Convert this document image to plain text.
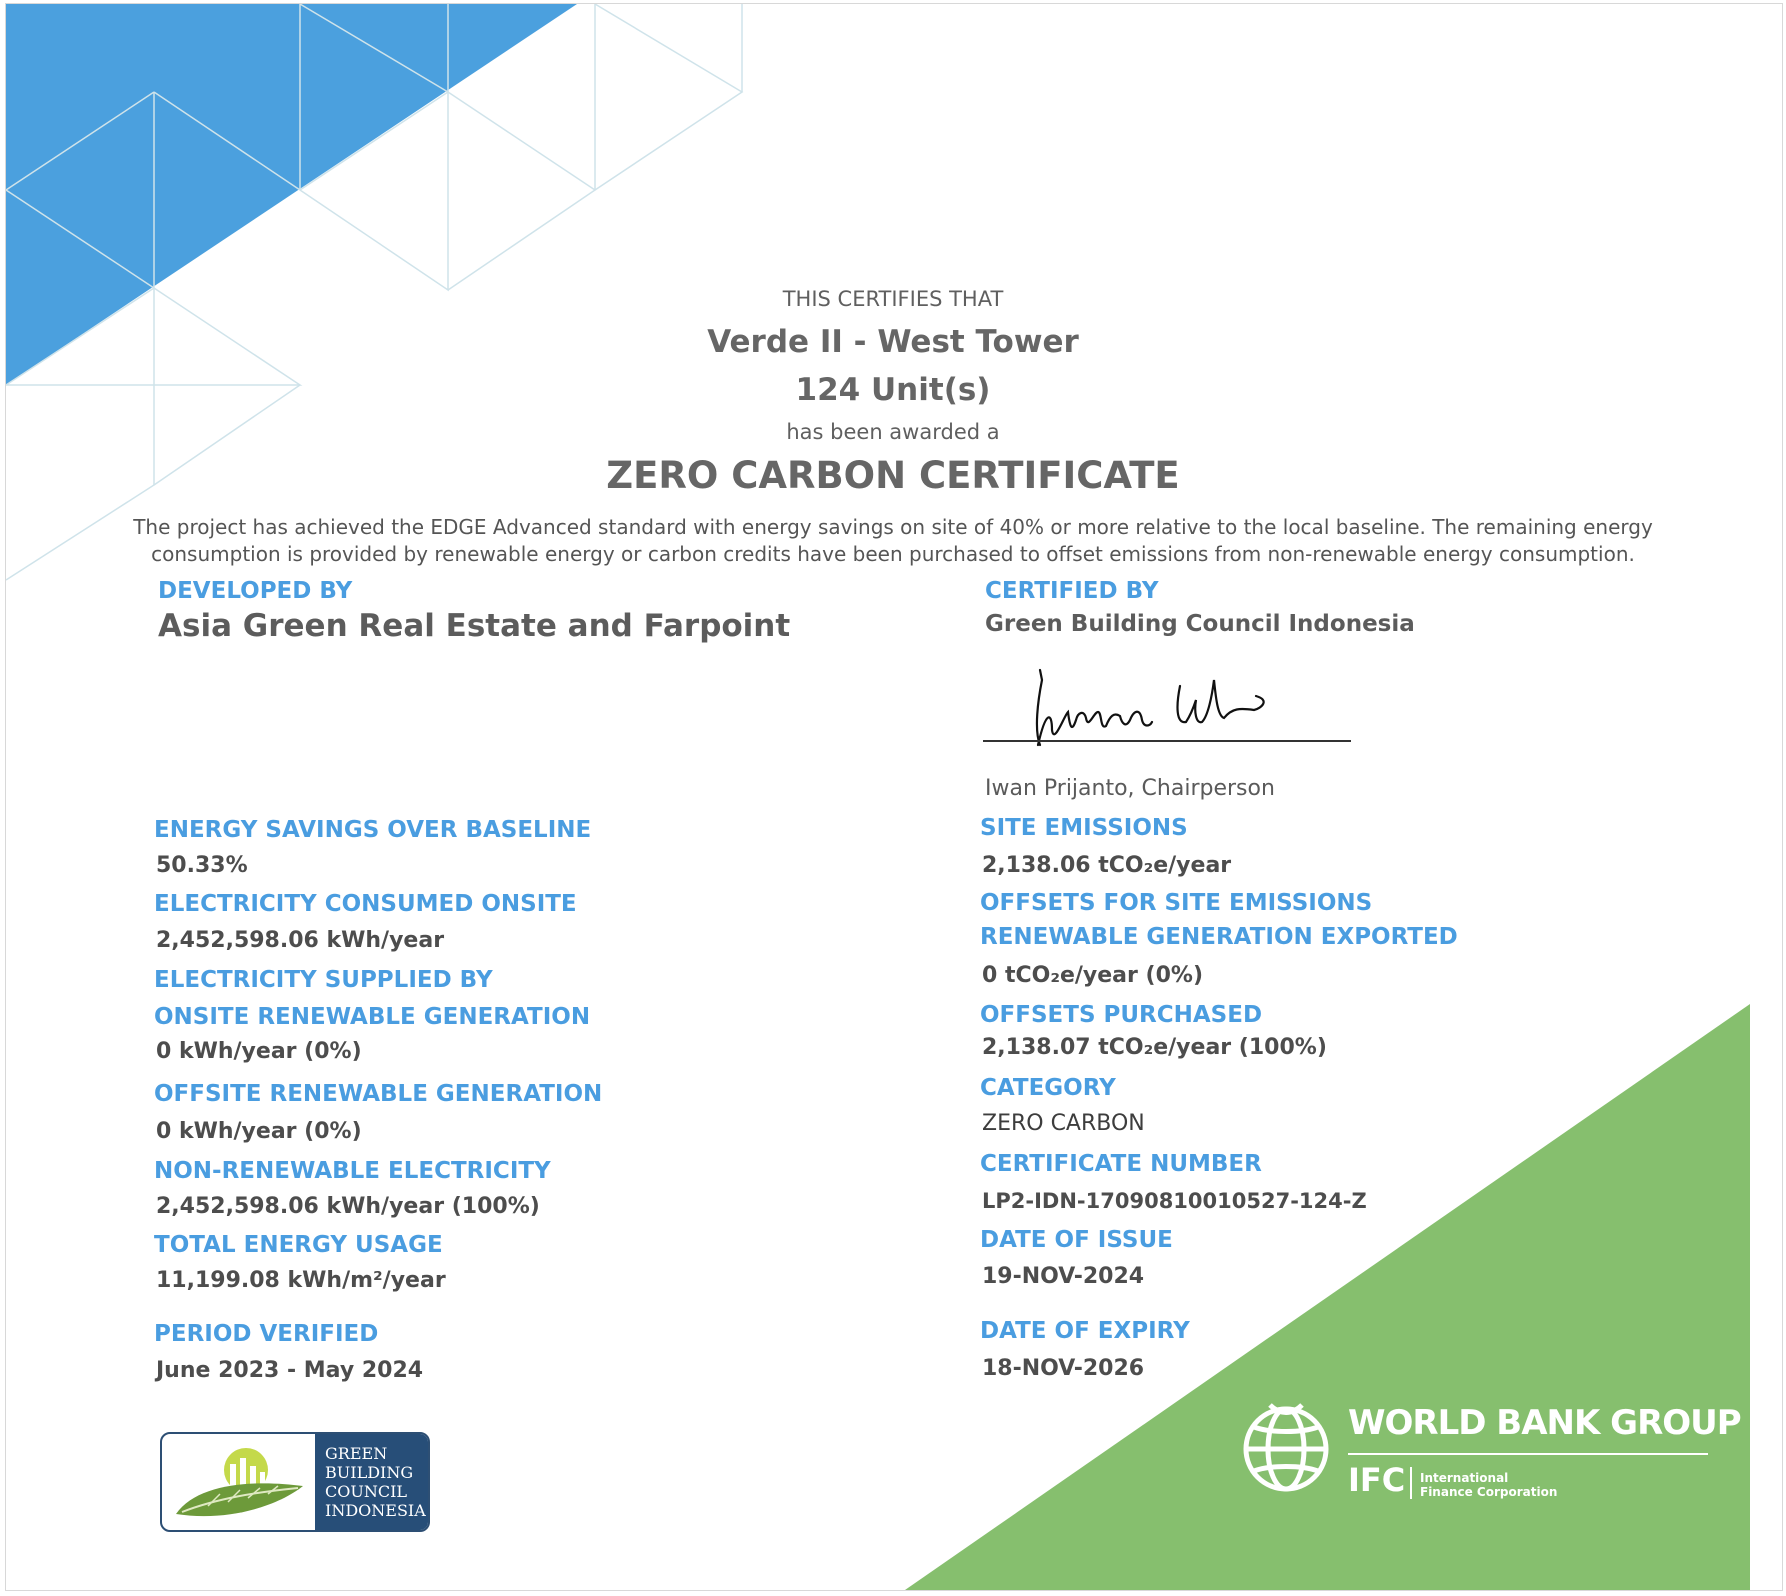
THIS CERTIFIES THAT
Verde II - West Tower
124 Unit(s)
has been awarded a
ZERO CARBON CERTIFICATE
The project has achieved the EDGE Advanced standard with energy savings on site of 40% or more relative to the local baseline. The remaining energy
consumption is provided by renewable energy or carbon credits have been purchased to offset emissions from non-renewable energy consumption.
DEVELOPED BY
Asia Green Real Estate and Farpoint
CERTIFIED BY
Green Building Council Indonesia
Iwan Prijanto, Chairperson
ENERGY SAVINGS OVER BASELINE
50.33%
ELECTRICITY CONSUMED ONSITE
2,452,598.06 kWh/year
ELECTRICITY SUPPLIED BY
ONSITE RENEWABLE GENERATION
0 kWh/year (0%)
OFFSITE RENEWABLE GENERATION
0 kWh/year (0%)
NON-RENEWABLE ELECTRICITY
2,452,598.06 kWh/year (100%)
TOTAL ENERGY USAGE
11,199.08 kWh/m²/year
PERIOD VERIFIED
June 2023 - May 2024
SITE EMISSIONS
2,138.06 tCO₂e/year
OFFSETS FOR SITE EMISSIONS
RENEWABLE GENERATION EXPORTED
0 tCO₂e/year (0%)
OFFSETS PURCHASED
2,138.07 tCO₂e/year (100%)
CATEGORY
ZERO CARBON
CERTIFICATE NUMBER
LP2-IDN-17090810010527-124-Z
DATE OF ISSUE
19-NOV-2024
DATE OF EXPIRY
18-NOV-2026
GREEN
BUILDING
COUNCIL
INDONESIA
WORLD BANK GROUP
IFC International
Finance Corporation
